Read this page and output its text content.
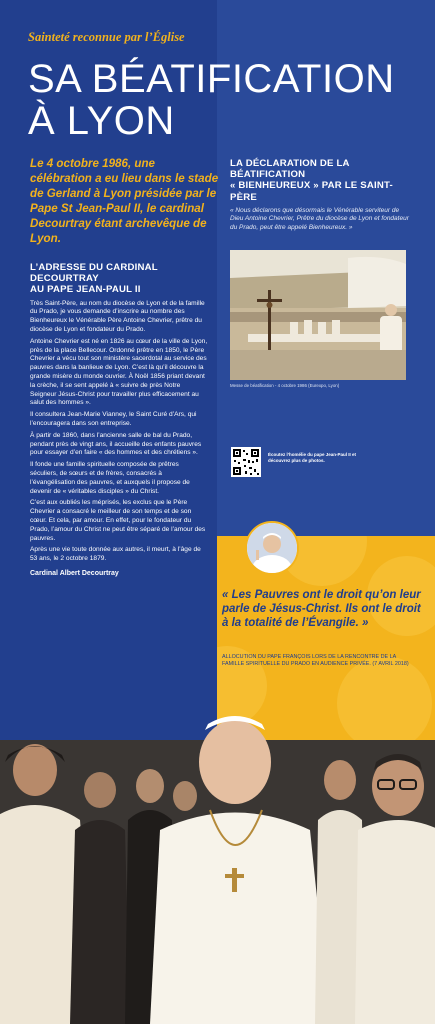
Sainteté reconnue par l’Église
SA BÉATIFICATION
À LYON
Le 4 octobre 1986, une célébration a eu lieu dans le stade de Gerland à Lyon présidée par le Pape St Jean-Paul II, le cardinal Decourtray étant archevêque de Lyon.
L’ADRESSE DU CARDINAL DECOURTRAY
AU PAPE JEAN-PAUL II

Très Saint-Père, au nom du diocèse de Lyon et de la famille du Prado, je vous demande d’inscrire au nombre des Bienheureux le Vénérable Père Antoine Chevrier, prêtre du diocèse de Lyon et fondateur du Prado.

Antoine Chevrier est né en 1826 au cœur de la ville de Lyon, près de la place Bellecour. Ordonné prêtre en 1850, le Père Chevrier a vécu tout son ministère sacerdotal au service des pauvres dans la banlieue de Lyon. C’est là qu’il découvre la grande misère du monde ouvrier. À Noël 1856 priant devant la crèche, il se sent appelé à « suivre de près Notre Seigneur Jésus-Christ pour travailler plus efficacement au salut des hommes ».

Il consultera Jean-Marie Vianney, le Saint Curé d’Ars, qui l’encouragera dans son entreprise.

À partir de 1860, dans l’ancienne salle de bal du Prado, pendant près de vingt ans, il accueille des enfants pauvres pour essayer d’en faire « des hommes et des chrétiens ».

Il fonde une famille spirituelle composée de prêtres séculiers, de sœurs et de frères, consacrés à l’évangélisation des pauvres, et auxquels il propose de devenir de « véritables disciples » du Christ.

C’est aux oubliés les méprisés, les exclus que le Père Chevrier a consacré le meilleur de son temps et de son cœur. Et cela, par amour. En effet, pour le fondateur du Prado, l’amour du Christ ne peut être séparé de l’amour des pauvres.

Après une vie toute donnée aux autres, il meurt, à l’âge de 53 ans, le 2 octobre 1879.

Cardinal Albert Decourtray

LA DÉCLARATION DE LA BÉATIFICATION
« BIENHEUREUX » PAR LE SAINT-PÈRE
« Nous déclarons que désormais le Vénérable serviteur de Dieu Antoine Chevrier, Prêtre du diocèse de Lyon et fondateur du Prado, peut être appelé Bienheureux. »
Messe de béatification - 4 octobre 1986 (Eurexpo, Lyon)
Écoutez l’homélie du pape Jean-Paul II et découvrez plus de photos.
« Les Pauvres ont le droit qu’on leur parle de Jésus-Christ. Ils ont le droit à la totalité de l’Évangile. »
ALLOCUTION DU PAPE FRANÇOIS LORS DE LA RENCONTRE DE LA FAMILLE SPIRITUELLE DU PRADO EN AUDIENCE PRIVÉE. (7 AVRIL 2018)
